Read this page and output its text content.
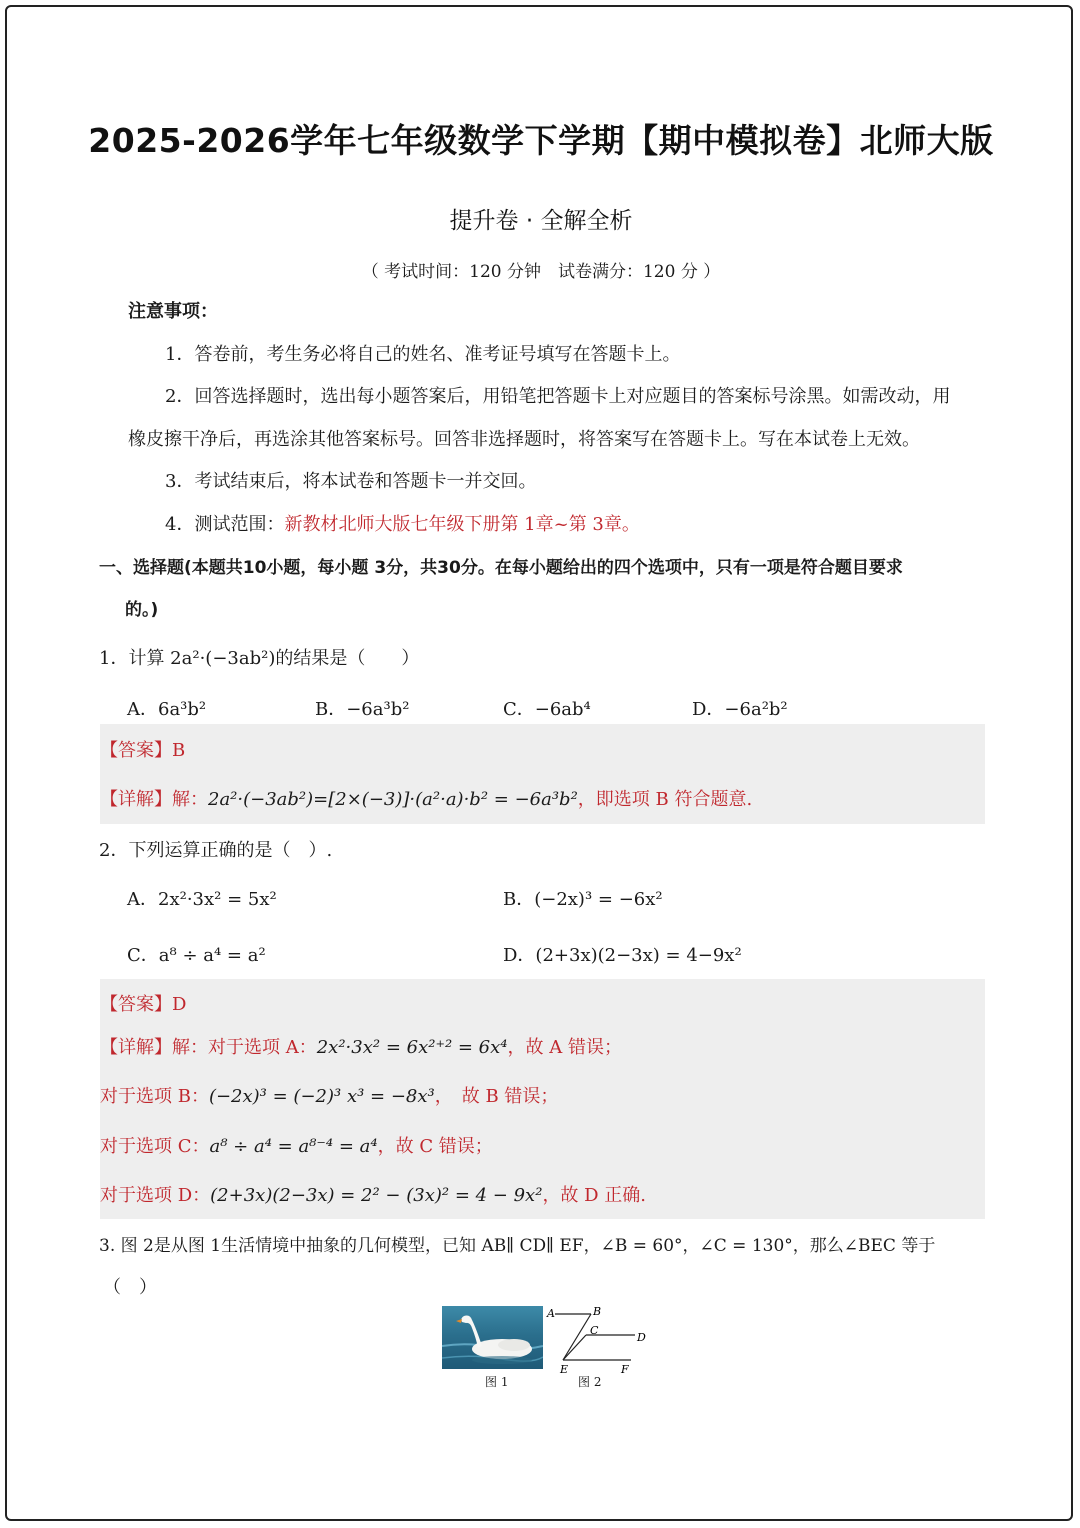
2025-2026学年七年级数学下学期【期中模拟卷】北师大版
提升卷 · 全解全析
（ 考试时间：120 分钟　试卷满分：120 分 ）
注意事项：
1．答卷前，考生务必将自己的姓名、准考证号填写在答题卡上。
2．回答选择题时，选出每小题答案后，用铅笔把答题卡上对应题目的答案标号涂黑。如需改动，用
橡皮擦干净后，再选涂其他答案标号。回答非选择题时，将答案写在答题卡上。写在本试卷上无效。
3．考试结束后，将本试卷和答题卡一并交回。
4．测试范围：新教材北师大版七年级下册第 1章~第 3章。
一、选择题(本题共10小题，每小题 3分，共30分。在每小题给出的四个选项中，只有一项是符合题目要求
的。)
1．计算 2a²·(−3ab²)的结果是（　　）
A．6a³b²	B．−6a³b²	C．−6ab⁴	D．−6a²b²
【答案】B
【详解】解：2a²·(−3ab²)=[2×(−3)]·(a²·a)·b² = −6a³b²，即选项 B 符合题意.
2．下列运算正确的是（　）.
A．2x²·3x² = 5x²	B．(−2x)³ = −6x²
C．a⁸ ÷ a⁴ = a²	D．(2+3x)(2−3x) = 4−9x²
【答案】D
【详解】解：对于选项 A：2x²·3x² = 6x²⁺² = 6x⁴，故 A 错误；
对于选项 B：(−2x)³ = (−2)³ x³ = −8x³，　故 B 错误；
对于选项 C：a⁸ ÷ a⁴ = a⁸⁻⁴ = a⁴，故 C 错误；
对于选项 D：(2+3x)(2−3x) = 2² − (3x)² = 4 − 9x²，故 D 正确.
3. 图 2是从图 1生活情境中抽象的几何模型，已知 AB∥ CD∥ EF，∠B = 60°，∠C = 130°，那么∠BEC 等于
（　）
图 1
A	B
C
D
E	F
图 2
